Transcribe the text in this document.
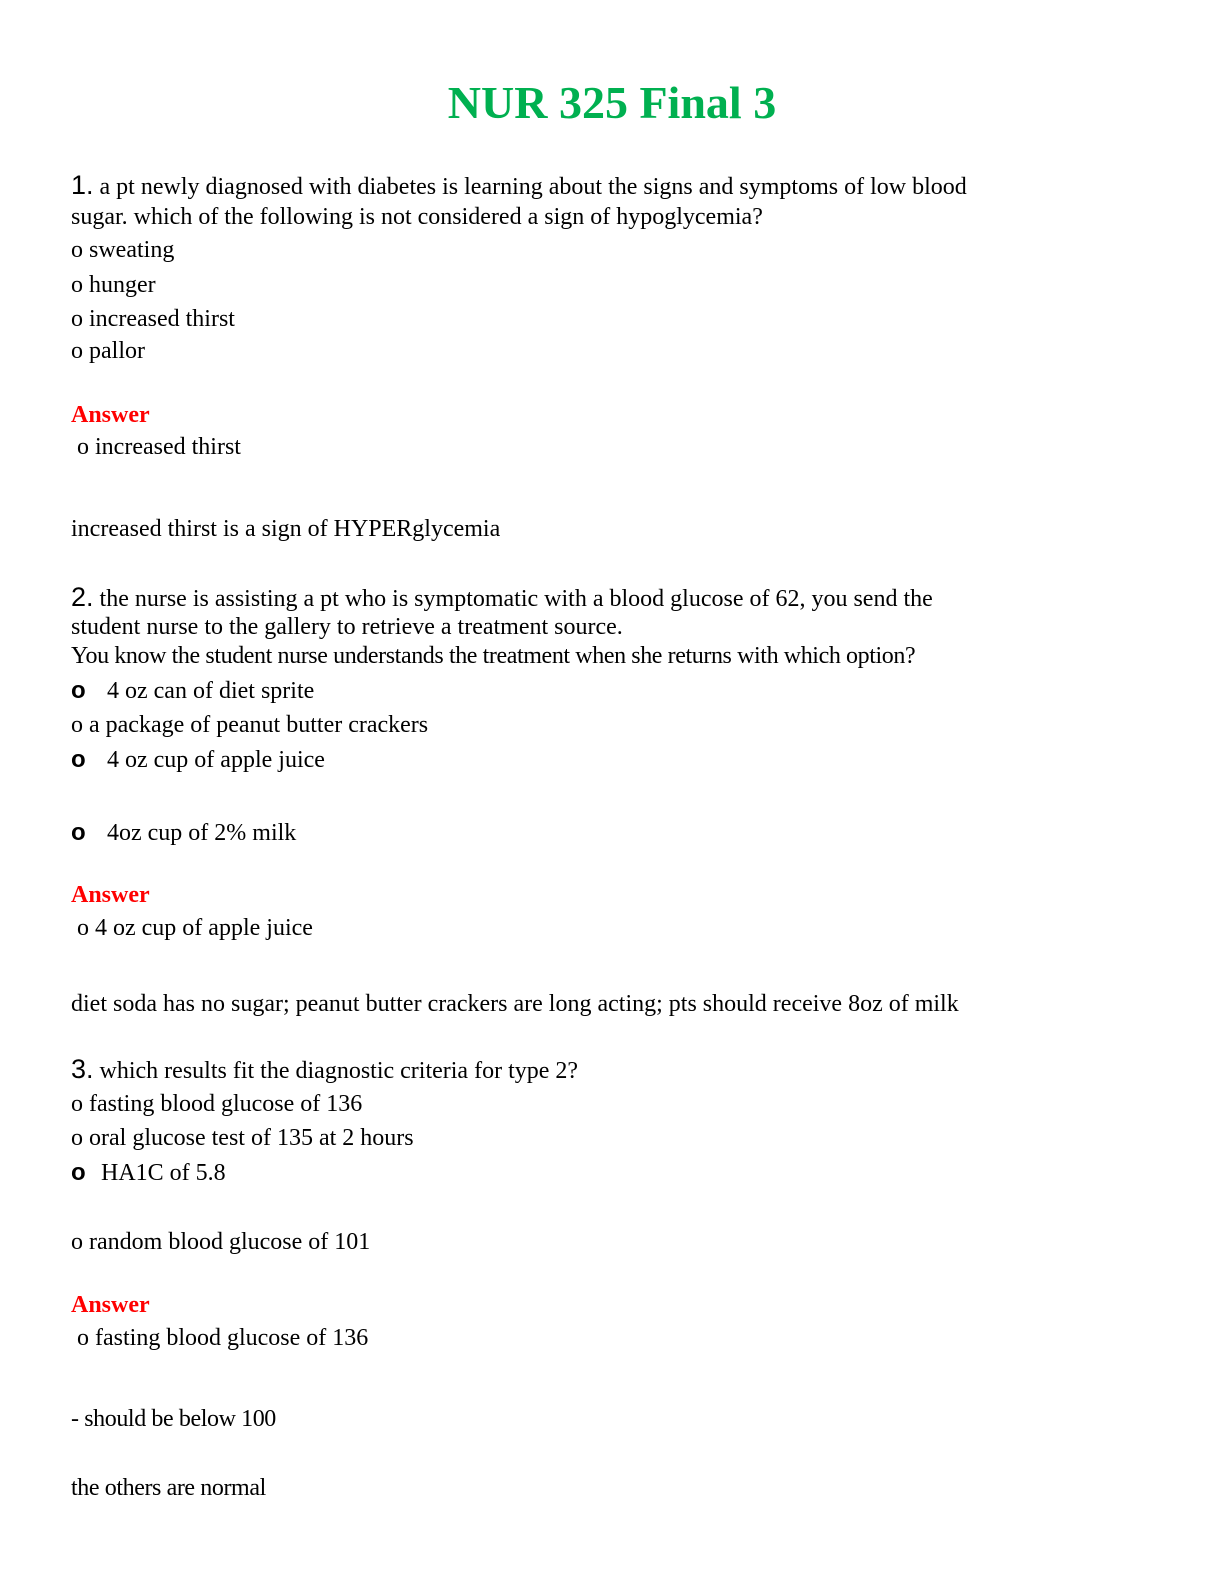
NUR 325 Final 3
1. a pt newly diagnosed with diabetes is learning about the signs and symptoms of low blood
sugar. which of the following is not considered a sign of hypoglycemia?
o sweating
o hunger
o increased thirst
o pallor
Answer
o increased thirst
increased thirst is a sign of HYPERglycemia
2. the nurse is assisting a pt who is symptomatic with a blood glucose of 62, you send the
student nurse to the gallery to retrieve a treatment source.
You know the student nurse understands the treatment when she returns with which option?
o 4 oz can of diet sprite
o a package of peanut butter crackers
o 4 oz cup of apple juice
o 4oz cup of 2% milk
Answer
o 4 oz cup of apple juice
diet soda has no sugar; peanut butter crackers are long acting; pts should receive 8oz of milk
3. which results fit the diagnostic criteria for type 2?
o fasting blood glucose of 136
o oral glucose test of 135 at 2 hours
o HA1C of 5.8
o random blood glucose of 101
Answer
o fasting blood glucose of 136
- should be below 100
the others are normal
